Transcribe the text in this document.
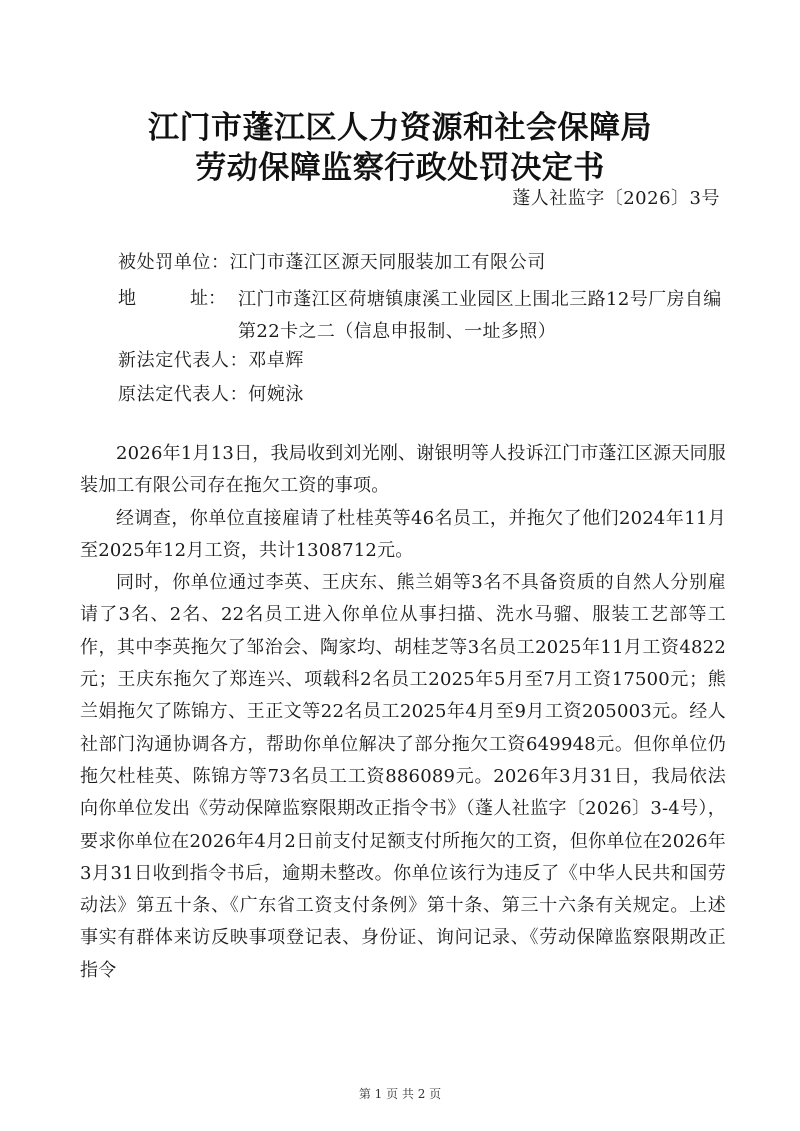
江门市蓬江区人力资源和社会保障局
劳动保障监察行政处罚决定书
蓬人社监字〔2026〕3号
被处罚单位：江门市蓬江区源天同服装加工有限公司
地	址： 江门市蓬江区荷塘镇康溪工业园区上围北三路12号厂房自编第22卡之二（信息申报制、一址多照）
新法定代表人：邓卓辉
原法定代表人：何婉泳

2026年1月13日，我局收到刘光刚、谢银明等人投诉江门市蓬江区源天同服装加工有限公司存在拖欠工资的事项。

经调查，你单位直接雇请了杜桂英等46名员工，并拖欠了他们2024年11月至2025年12月工资，共计1308712元。

同时，你单位通过李英、王庆东、熊兰娟等3名不具备资质的自然人分别雇请了3名、2名、22名员工进入你单位从事扫描、洗水马骝、服装工艺部等工作，其中李英拖欠了邹治会、陶家均、胡桂芝等3名员工2025年11月工资4822元；王庆东拖欠了郑连兴、项载科2名员工2025年5月至7月工资17500元；熊兰娟拖欠了陈锦方、王正文等22名员工2025年4月至9月工资205003元。经人社部门沟通协调各方，帮助你单位解决了部分拖欠工资649948元。但你单位仍拖欠杜桂英、陈锦方等73名员工工资886089元。2026年3月31日，我局依法向你单位发出《劳动保障监察限期改正指令书》（蓬人社监字〔2026〕3-4号），要求你单位在2026年4月2日前支付足额支付所拖欠的工资，但你单位在2026年3月31日收到指令书后，逾期未整改。你单位该行为违反了《中华人民共和国劳动法》第五十条、《广东省工资支付条例》第十条、第三十六条有关规定。上述事实有群体来访反映事项登记表、身份证、询问记录、《劳动保障监察限期改正指令

第 1 页 共 2 页
